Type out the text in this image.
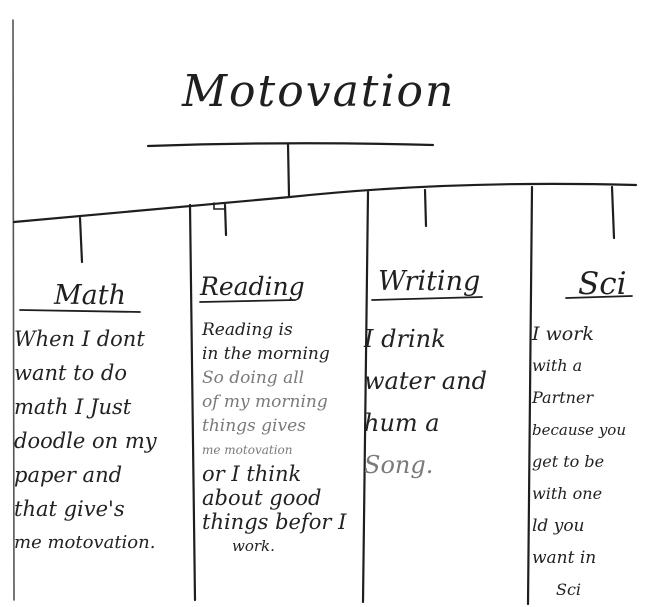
Motovation
Math	Reading	Writing	Sci
When I dont
want to do
math I Just
doodle on my
paper and
that give's
me motovation.
Reading is
in the morning
So doing all
of my morning
things gives
me motovation
or I think
about good
things befor I
work.
I drink
water and
hum a
Song.
I work
with a
Partner
because you
get to be
with one
ld you
want in
Sci
